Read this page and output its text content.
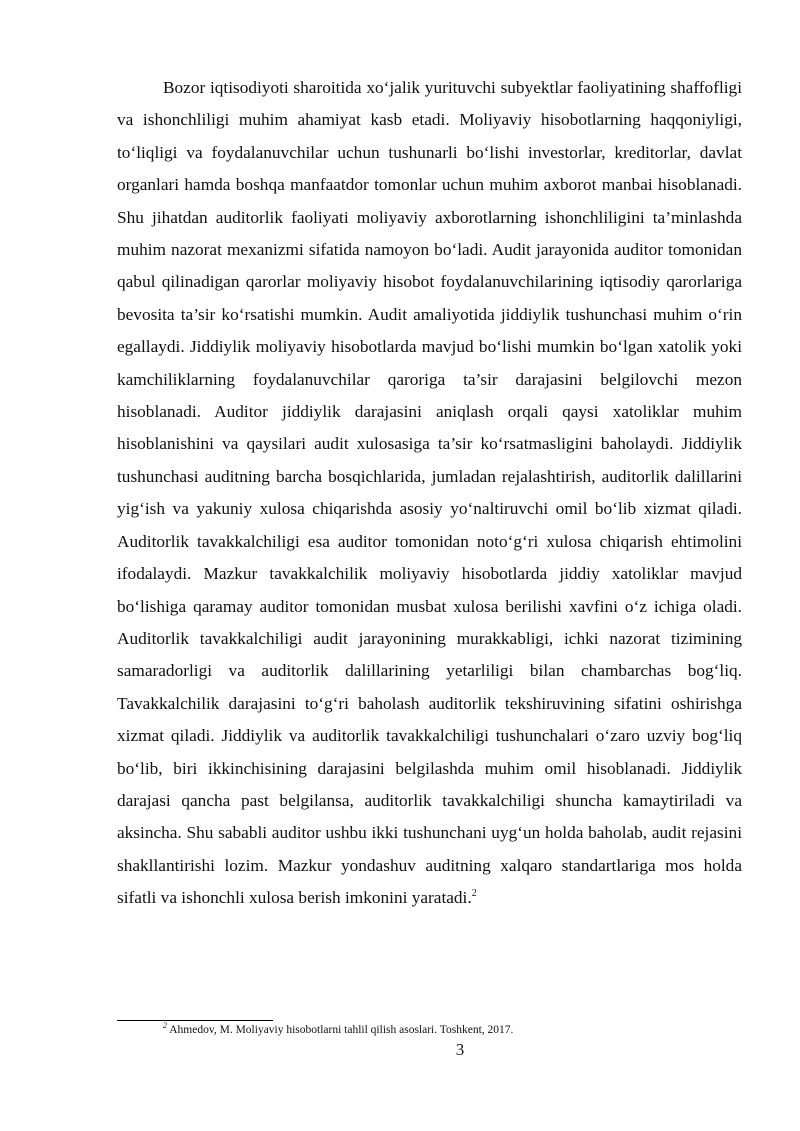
Bozor iqtisodiyoti sharoitida xo‘jalik yurituvchi subyektlar faoliyatining shaffofligi va ishonchliligi muhim ahamiyat kasb etadi. Moliyaviy hisobotlarning haqqoniyligi, to‘liqligi va foydalanuvchilar uchun tushunarli bo‘lishi investorlar, kreditorlar, davlat organlari hamda boshqa manfaatdor tomonlar uchun muhim axborot manbai hisoblanadi. Shu jihatdan auditorlik faoliyati moliyaviy axborotlarning ishonchliligini ta’minlashda muhim nazorat mexanizmi sifatida namoyon bo‘ladi. Audit jarayonida auditor tomonidan qabul qilinadigan qarorlar moliyaviy hisobot foydalanuvchilarining iqtisodiy qarorlariga bevosita ta’sir ko‘rsatishi mumkin. Audit amaliyotida jiddiylik tushunchasi muhim o‘rin egallaydi. Jiddiylik moliyaviy hisobotlarda mavjud bo‘lishi mumkin bo‘lgan xatolik yoki kamchiliklarning foydalanuvchilar qaroriga ta’sir darajasini belgilovchi mezon hisoblanadi. Auditor jiddiylik darajasini aniqlash orqali qaysi xatoliklar muhim hisoblanishini va qaysilari audit xulosasiga ta’sir ko‘rsatmasligini baholaydi. Jiddiylik tushunchasi auditning barcha bosqichlarida, jumladan rejalashtirish, auditorlik dalillarini yig‘ish va yakuniy xulosa chiqarishda asosiy yo‘naltiruvchi omil bo‘lib xizmat qiladi. Auditorlik tavakkalchiligi esa auditor tomonidan noto‘g‘ri xulosa chiqarish ehtimolini ifodalaydi. Mazkur tavakkalchilik moliyaviy hisobotlarda jiddiy xatoliklar mavjud bo‘lishiga qaramay auditor tomonidan musbat xulosa berilishi xavfini o‘z ichiga oladi. Auditorlik tavakkalchiligi audit jarayonining murakkabligi, ichki nazorat tizimining samaradorligi va auditorlik dalillarining yetarliligi bilan chambarchas bog‘liq. Tavakkalchilik darajasini to‘g‘ri baholash auditorlik tekshiruvining sifatini oshirishga xizmat qiladi. Jiddiylik va auditorlik tavakkalchiligi tushunchalari o‘zaro uzviy bog‘liq bo‘lib, biri ikkinchisining darajasini belgilashda muhim omil hisoblanadi. Jiddiylik darajasi qancha past belgilansa, auditorlik tavakkalchiligi shuncha kamaytiriladi va aksincha. Shu sababli auditor ushbu ikki tushunchani uyg‘un holda baholab, audit rejasini shakllantirishi lozim. Mazkur yondashuv auditning xalqaro standartlariga mos holda sifatli va ishonchli xulosa berish imkonini yaratadi.$^2$

$^2$ Ahmedov, M. Moliyaviy hisobotlarni tahlil qilish asoslari. Toshkent, 2017.
3
